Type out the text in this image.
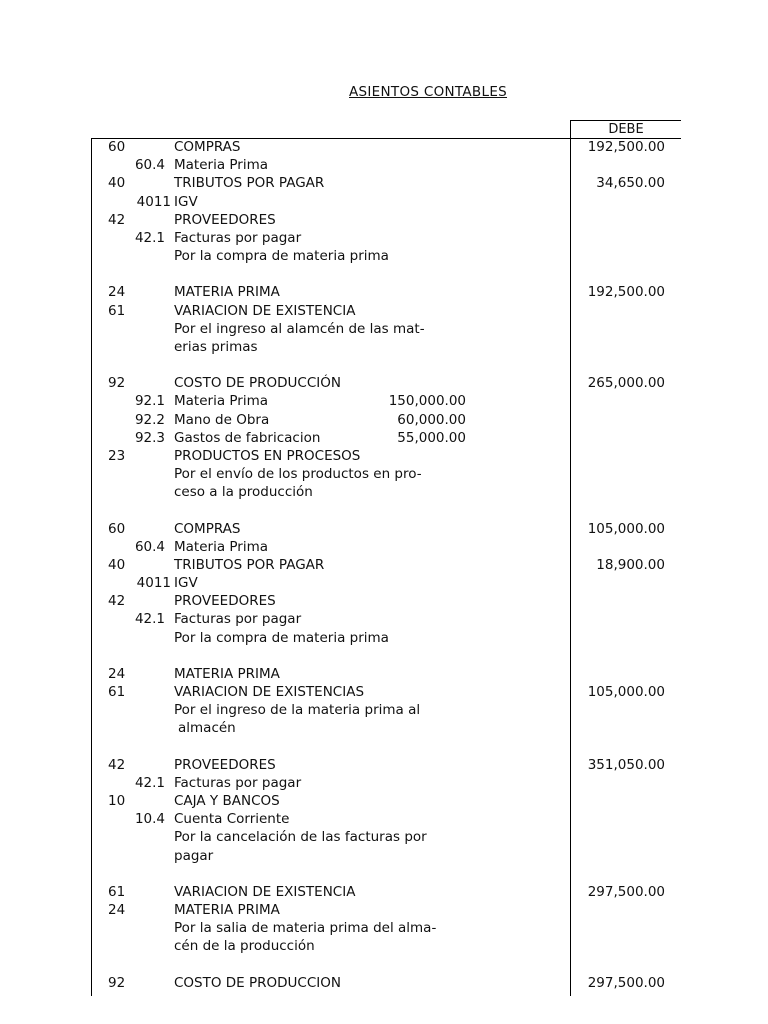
ASIENTOS CONTABLES
DEBE
60	COMPRAS	192,500.00
60.4 Materia Prima
40	TRIBUTOS POR PAGAR	34,650.00
4011 IGV
42	PROVEEDORES
42.1 Facturas por pagar
Por la compra de materia prima
24	MATERIA PRIMA	192,500.00
61	VARIACION DE EXISTENCIA
Por el ingreso al alamcén de las mat-
erias primas
92	COSTO DE PRODUCCIÓN	265,000.00
92.1 Materia Prima	150,000.00
92.2 Mano de Obra	60,000.00
92.3 Gastos de fabricacion	55,000.00
23	PRODUCTOS EN PROCESOS
Por el envío de los productos en pro-
ceso a la producción
60	COMPRAS	105,000.00
60.4 Materia Prima
40	TRIBUTOS POR PAGAR	18,900.00
4011 IGV
42	PROVEEDORES
42.1 Facturas por pagar
Por la compra de materia prima
24	MATERIA PRIMA
61	VARIACION DE EXISTENCIAS	105,000.00
Por el ingreso de la materia prima al
almacén
42	PROVEEDORES	351,050.00
42.1 Facturas por pagar
10	CAJA Y BANCOS
10.4 Cuenta Corriente
Por la cancelación de las facturas por
pagar
61	VARIACION DE EXISTENCIA	297,500.00
24	MATERIA PRIMA
Por la salia de materia prima del alma-
cén de la producción
92	COSTO DE PRODUCCION	297,500.00
